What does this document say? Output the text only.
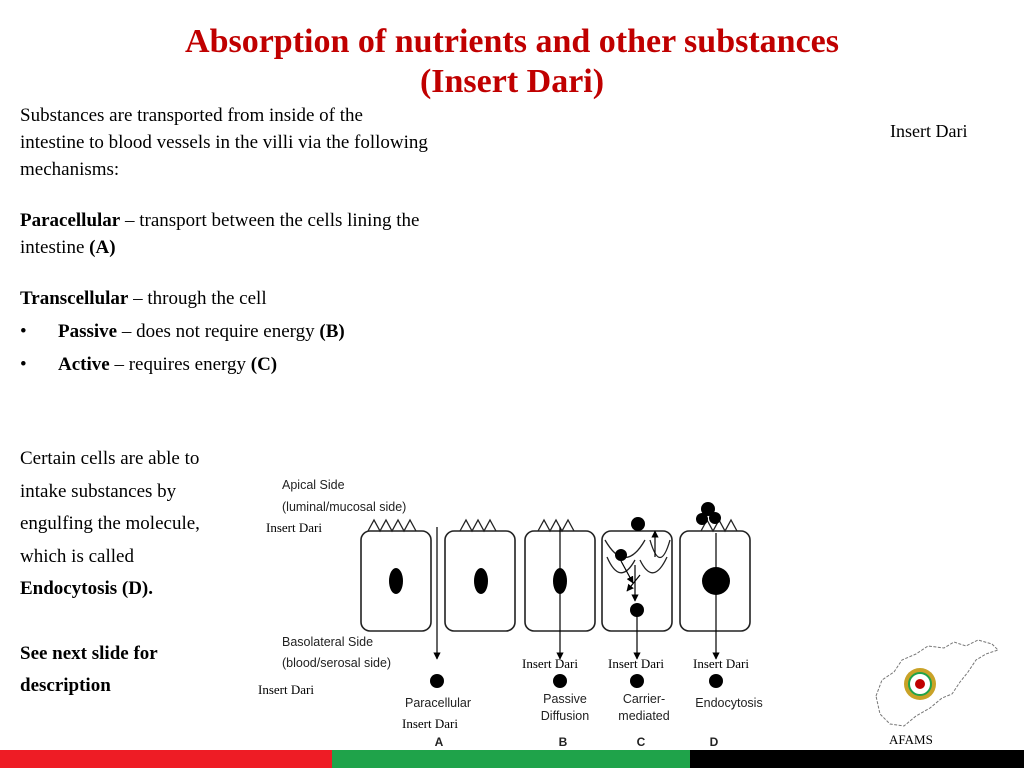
Absorption of nutrients and other substances
(Insert Dari)
Insert Dari

Substances are transported from inside of the intestine to blood vessels in the villi via the following mechanisms:

Paracellular – transport between the cells lining the intestine (A)

Transcellular – through the cell

•	Passive – does not require energy (B)
•	Active – requires energy (C)

Certain cells are able to

intake substances by

engulfing the molecule,

which is called

Endocytosis (D).

See next slide for

description

Apical Side
(luminal/mucosal side)
Basolateral Side
(blood/serosal side)
Paracellular	Passive
Diffusion
Carrier-
mediated
Endocytosis
A	B	C	D
Insert Dari
Insert Dari
Insert Dari
Insert Dari Insert Dari Insert Dari
AFAMS
